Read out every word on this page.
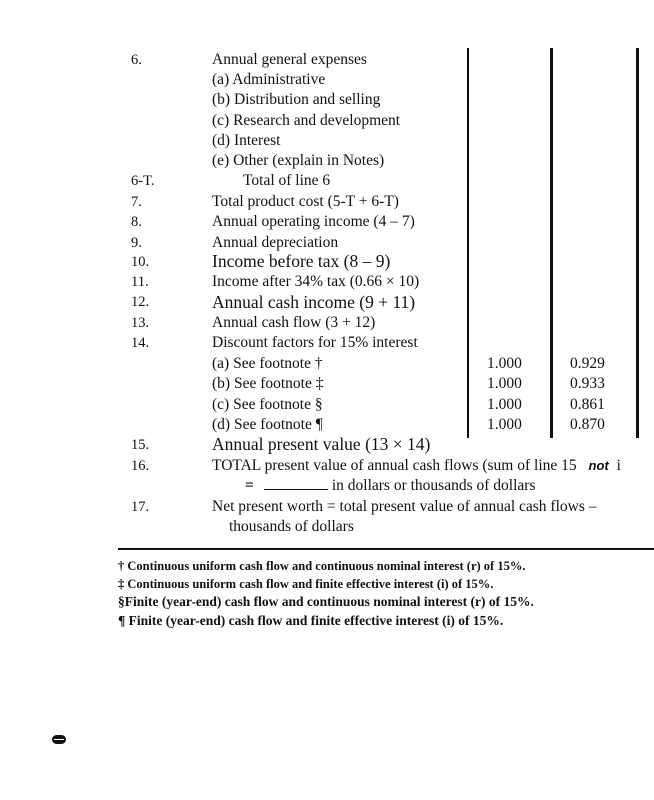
6.	Annual general expenses
(a) Administrative
(b) Distribution and selling
(c) Research and development
(d) Interest
(e) Other (explain in Notes)
6-T.	Total of line 6
7.	Total product cost (5-T + 6-T)
8.	Annual operating income (4 – 7)
9.	Annual depreciation
10.	Income before tax (8 – 9)
11.	Income after 34% tax (0.66 × 10)
12.	Annual cash income (9 + 11)
13.	Annual cash flow (3 + 12)
14.	Discount factors for 15% interest
(a) See footnote †	1.000	0.929
(b) See footnote ‡	1.000	0.933
(c) See footnote §	1.000	0.861
(d) See footnote ¶	1.000	0.870
15.	Annual present value (13 × 14)
16.	TOTAL present value of annual cash flows (sum of line 15 not i
=	in dollars or thousands of dollars
17.	Net present worth = total present value of annual cash flows –
thousands of dollars
† Continuous uniform cash flow and continuous nominal interest (r) of 15%.
‡ Continuous uniform cash flow and finite effective interest (i) of 15%.
§Finite (year-end) cash flow and continuous nominal interest (r) of 15%.
¶ Finite (year-end) cash flow and finite effective interest (i) of 15%.
